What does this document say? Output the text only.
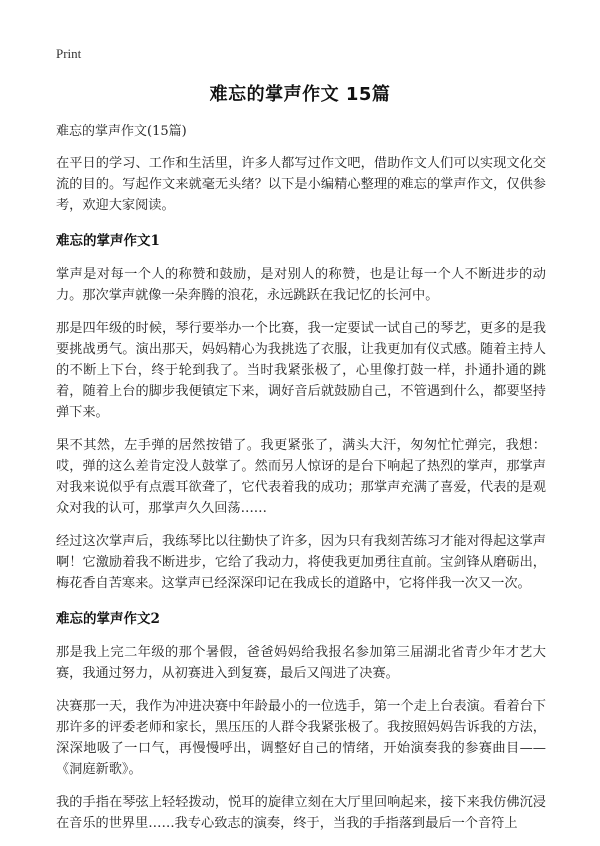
Print
难忘的掌声作文 15篇
难忘的掌声作文(15篇)

在平日的学习、工作和生活里，许多人都写过作文吧，借助作文人们可以实现文化交流的目的。写起作文来就毫无头绪？以下是小编精心整理的难忘的掌声作文，仅供参考，欢迎大家阅读。

难忘的掌声作文1

掌声是对每一个人的称赞和鼓励，是对别人的称赞，也是让每一个人不断进步的动力。那次掌声就像一朵奔腾的浪花，永远跳跃在我记忆的长河中。

那是四年级的时候，琴行要举办一个比赛，我一定要试一试自己的琴艺，更多的是我要挑战勇气。演出那天，妈妈精心为我挑选了衣服，让我更加有仪式感。随着主持人的不断上下台，终于轮到我了。当时我紧张极了，心里像打鼓一样，扑通扑通的跳着，随着上台的脚步我便镇定下来，调好音后就鼓励自己，不管遇到什么，都要坚持弹下来。

果不其然，左手弹的居然按错了。我更紧张了，满头大汗，匆匆忙忙弹完，我想：哎，弹的这么差肯定没人鼓掌了。然而另人惊讶的是台下响起了热烈的掌声，那掌声对我来说似乎有点震耳欲聋了，它代表着我的成功；那掌声充满了喜爱，代表的是观众对我的认可，那掌声久久回荡……

经过这次掌声后，我练琴比以往勤快了许多，因为只有我刻苦练习才能对得起这掌声啊！它激励着我不断进步，它给了我动力，将使我更加勇往直前。宝剑锋从磨砺出，梅花香自苦寒来。这掌声已经深深印记在我成长的道路中，它将伴我一次又一次。

难忘的掌声作文2

那是我上完二年级的那个暑假，爸爸妈妈给我报名参加第三届湖北省青少年才艺大赛，我通过努力，从初赛进入到复赛，最后又闯进了决赛。

决赛那一天，我作为冲进决赛中年龄最小的一位选手，第一个走上台表演。看着台下那许多的评委老师和家长，黑压压的人群令我紧张极了。我按照妈妈告诉我的方法，深深地吸了一口气，再慢慢呼出，调整好自己的情绪，开始演奏我的参赛曲目——《洞庭新歌》。

我的手指在琴弦上轻轻拨动，悦耳的旋律立刻在大厅里回响起来，接下来我仿佛沉浸在音乐的世界里……我专心致志的演奏，终于，当我的手指落到最后一个音符上
